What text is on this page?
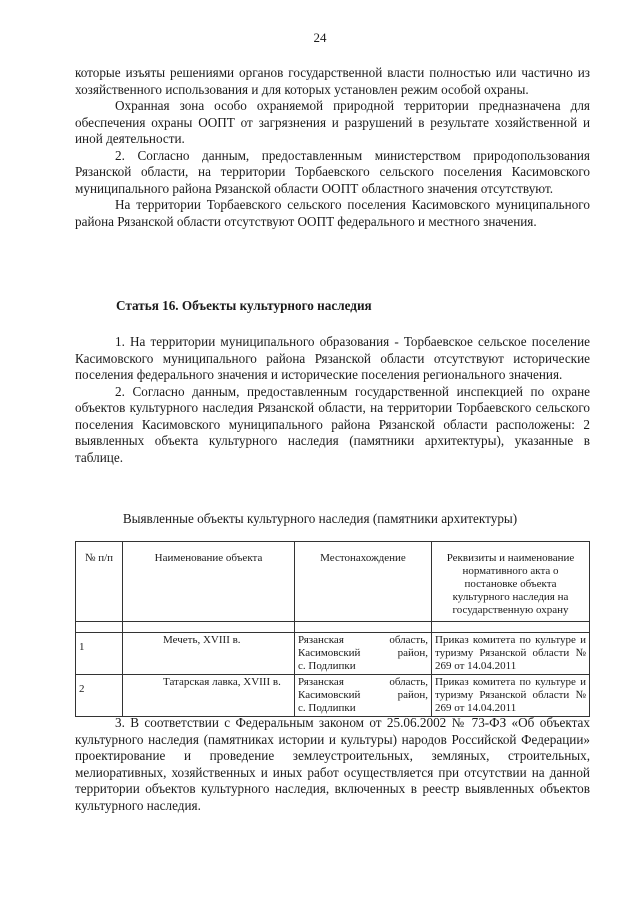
24

которые изъяты решениями органов государственной власти полностью или частично из хозяйственного использования и для которых установлен режим особой охраны.

Охранная зона особо охраняемой природной территории предназначена для обеспечения охраны ООПТ от загрязнения и разрушений в результате хозяйственной и иной деятельности.

2. Согласно данным, предоставленным министерством природопользования Рязанской области, на территории Торбаевского сельского поселения Касимовского муниципального района Рязанской области ООПТ областного значения отсутствуют.

На территории Торбаевского сельского поселения Касимовского муниципального района Рязанской области отсутствуют ООПТ федерального и местного значения.

Статья 16. Объекты культурного наследия

1. На территории муниципального образования - Торбаевское сельское поселение Касимовского муниципального района Рязанской области отсутствуют исторические поселения федерального значения и исторические поселения регионального значения.

2. Согласно данным, предоставленным государственной инспекцией по охране объектов культурного наследия Рязанской области, на территории Торбаевского сельского поселения Касимовского муниципального района Рязанской области расположены: 2 выявленных объекта культурного наследия (памятники архитектуры), указанные в таблице.

Выявленные объекты культурного наследия (памятники архитектуры)
№ п/п	Наименование объекта	Местонахождение	Реквизиты и наименование нормативного акта о постановке объекта культурного наследия на государственную охрану

1	Мечеть, XVIII в.	Рязанская область,
Касимовский район,
с. Подлипки	Приказ комитета по культуре и туризму Рязанской области № 269 от 14.04.2011
2	Татарская лавка, XVIII в.	Рязанская область,
Касимовский район,
с. Подлипки	Приказ комитета по культуре и туризму Рязанской области № 269 от 14.04.2011

3. В соответствии с Федеральным законом от 25.06.2002 № 73-ФЗ «Об объектах культурного наследия (памятниках истории и культуры) народов Российской Федерации» проектирование и проведение землеустроительных, земляных, строительных, мелиоративных, хозяйственных и иных работ осуществляется при отсутствии на данной территории объектов культурного наследия, включенных в реестр выявленных объектов культурного наследия.
